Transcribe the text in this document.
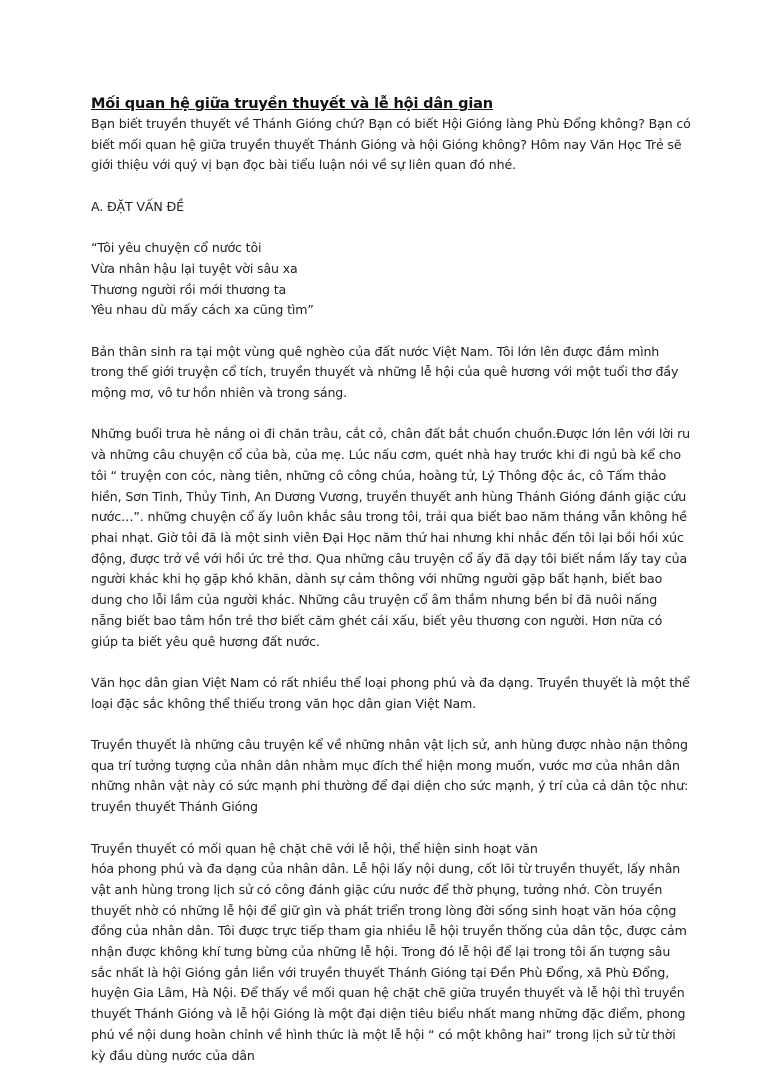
Mối quan hệ giữa truyền thuyết và lễ hội dân gian

Bạn biết truyền thuyết về Thánh Gióng chứ? Bạn có biết Hội Gióng làng Phù Đổng không? Bạn có biết mối quan hệ giữa truyền thuyết Thánh Gióng và hội Gióng không? Hôm nay Văn Học Trẻ sẽ giới thiệu với quý vị bạn đọc bài tiểu luận nói về sự liên quan đó nhé.

A. ĐẶT VẤN ĐỀ

“Tôi yêu chuyện cổ nước tôi

Vừa nhân hậu lại tuyệt vời sâu xa

Thương người rồi mới thương ta

Yêu nhau dù mấy cách xa cũng tìm”

Bản thân sinh ra tại một vùng quê nghèo của đất nước Việt Nam. Tôi lớn lên được đắm mình trong thế giới truyện cổ tích, truyền thuyết và những lễ hội của quê hương với một tuổi thơ đầy mộng mơ, vô tư hồn nhiên và trong sáng.

Những buổi trưa hè nắng oi đi chăn trâu, cắt cỏ, chân đất bắt chuồn chuồn.Được lớn lên với lời ru và những câu chuyện cổ của bà, của mẹ. Lúc nấu cơm, quét nhà hay trước khi đi ngủ bà kể cho tôi “ truyện con cóc, nàng tiên, những cô công chúa, hoàng tử, Lý Thông độc ác, cô Tấm thảo hiền, Sơn Tinh, Thủy Tinh, An Dương Vương, truyền thuyết anh hùng Thánh Gióng đánh giặc cứu nước…”. những chuyện cổ ấy luôn khắc sâu trong tôi, trải qua biết bao năm tháng vẫn không hề phai nhạt. Giờ tôi đã là một sinh viên Đại Học năm thứ hai nhưng khi nhắc đến tôi lại bồi hồi xúc động, được trở về với hồi ức trẻ thơ. Qua những câu truyện cổ ấy đã dạy tôi biết nắm lấy tay của người khác khi họ gặp khó khăn, dành sự cảm thông với những người gặp bất hạnh, biết bao dung cho lỗi lầm của người khác. Những câu truyện cổ âm thầm nhưng bền bỉ đã nuôi nấng nẵng biết bao tâm hồn trẻ thơ biết căm ghét cái xấu, biết yêu thương con người. Hơn nữa có giúp ta biết yêu quê hương đất nước.

Văn học dân gian Việt Nam có rất nhiều thể loại phong phú và đa dạng. Truyền thuyết là một thể loại đặc sắc không thể thiếu trong văn học dân gian Việt Nam.

Truyền thuyết là những câu truyện kể về những nhân vật lịch sử, anh hùng được nhào nặn thông qua trí tưởng tượng của nhân dân nhằm mục đích thể hiện mong muốn, vước mơ của nhân dân những nhân vật này có sức mạnh phi thường để đại diện cho sức mạnh, ý trí của cả dân tộc như: truyền thuyết Thánh Gióng

Truyền thuyết có mối quan hệ chặt chẽ với lễ hội, thể hiện sinh hoạt văn

hóa phong phú và đa dạng của nhân dân. Lễ hội lấy nội dung, cốt lõi từ truyền thuyết, lấy nhân vật anh hùng trong lịch sử có công đánh giặc cứu nước để thờ phụng, tưởng nhớ. Còn truyền thuyết nhờ có những lễ hội để giữ gìn và phát triển trong lòng đời sống sinh hoạt văn hóa cộng đồng của nhân dân. Tôi được trực tiếp tham gia nhiều lễ hội truyền thống của dân tộc, được cảm nhận được không khí tưng bừng của những lễ hội. Trong đó lễ hội để lại trong tôi ấn tượng sâu sắc nhất là hội Gióng gắn liền với truyền thuyết Thánh Gióng tại Đền Phù Đổng, xã Phù Đổng, huyện Gia Lâm, Hà Nội. Để thấy về mối quan hệ chặt chẽ giữa truyền thuyết và lễ hội thì truyền thuyết Thánh Gióng và lễ hội Gióng là một đại diện tiêu biểu nhất mang những đặc điểm, phong phú về nội dung hoàn chỉnh về hình thức là một lễ hội “ có một không hai” trong lịch sử từ thời kỳ đầu dùng nước của dân
